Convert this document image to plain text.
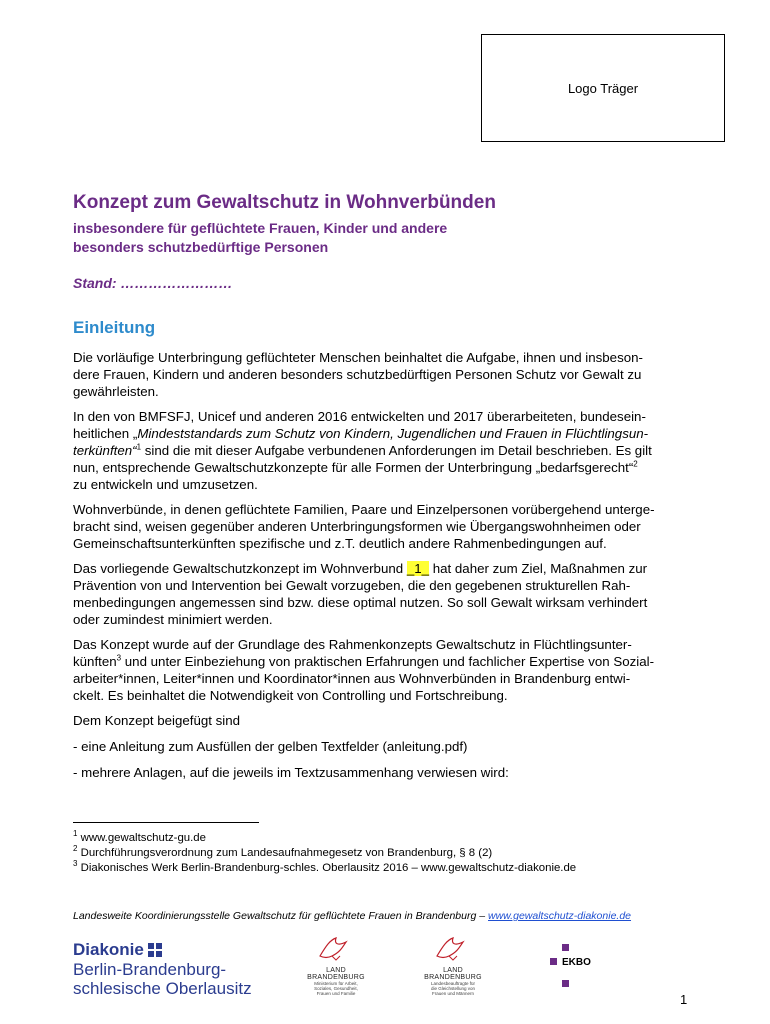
Logo Träger
Konzept zum Gewaltschutz in Wohnverbünden
insbesondere für geflüchtete Frauen, Kinder und andere
besonders schutzbedürftige Personen
Stand: ……………………
Einleitung

Die vorläufige Unterbringung geflüchteter Menschen beinhaltet die Aufgabe, ihnen und insbeson-

dere Frauen, Kindern und anderen besonders schutzbedürftigen Personen Schutz vor Gewalt zu

gewährleisten.

In den von BMFSFJ, Unicef und anderen 2016 entwickelten und 2017 überarbeiteten, bundesein-

heitlichen „Mindeststandards zum Schutz von Kindern, Jugendlichen und Frauen in Flüchtlingsun-

terkünften“$^1$ sind die mit dieser Aufgabe verbundenen Anforderungen im Detail beschrieben. Es gilt

nun, entsprechende Gewaltschutzkonzepte für alle Formen der Unterbringung „bedarfsgerecht“$^2$

zu entwickeln und umzusetzen.

Wohnverbünde, in denen geflüchtete Familien, Paare und Einzelpersonen vorübergehend unterge-

bracht sind, weisen gegenüber anderen Unterbringungsformen wie Übergangswohnheimen oder

Gemeinschaftsunterkünften spezifische und z.T. deutlich andere Rahmenbedingungen auf.

Das vorliegende Gewaltschutzkonzept im Wohnverbund _1_ hat daher zum Ziel, Maßnahmen zur

Prävention von und Intervention bei Gewalt vorzugeben, die den gegebenen strukturellen Rah-

menbedingungen angemessen sind bzw. diese optimal nutzen. So soll Gewalt wirksam verhindert

oder zumindest minimiert werden.

Das Konzept wurde auf der Grundlage des Rahmenkonzepts Gewaltschutz in Flüchtlingsunter-

künften$^3$ und unter Einbeziehung von praktischen Erfahrungen und fachlicher Expertise von Sozial-

arbeiter*innen, Leiter*innen und Koordinator*innen aus Wohnverbünden in Brandenburg entwi-

ckelt. Es beinhaltet die Notwendigkeit von Controlling und Fortschreibung.

Dem Konzept beigefügt sind

- eine Anleitung zum Ausfüllen der gelben Textfelder (anleitung.pdf)

- mehrere Anlagen, auf die jeweils im Textzusammenhang verwiesen wird:

$^1$ www.gewaltschutz-gu.de
$^2$ Durchführungsverordnung zum Landesaufnahmegesetz von Brandenburg, § 8 (2)
$^3$ Diakonisches Werk Berlin-Brandenburg-schles. Oberlausitz 2016 – www.gewaltschutz-diakonie.de
Landesweite Koordinierungsstelle Gewaltschutz für geflüchtete Frauen in Brandenburg – www.gewaltschutz-diakonie.de
Diakonie
Berlin-Brandenburg-
schlesische Oberlausitz
LAND
BRANDENBURG
Ministerium für Arbeit,
Soziales, Gesundheit,
Frauen und Familie
LAND
BRANDENBURG
Landesbeauftragte für
die Gleichstellung von
Frauen und Männern
EKBO
1
